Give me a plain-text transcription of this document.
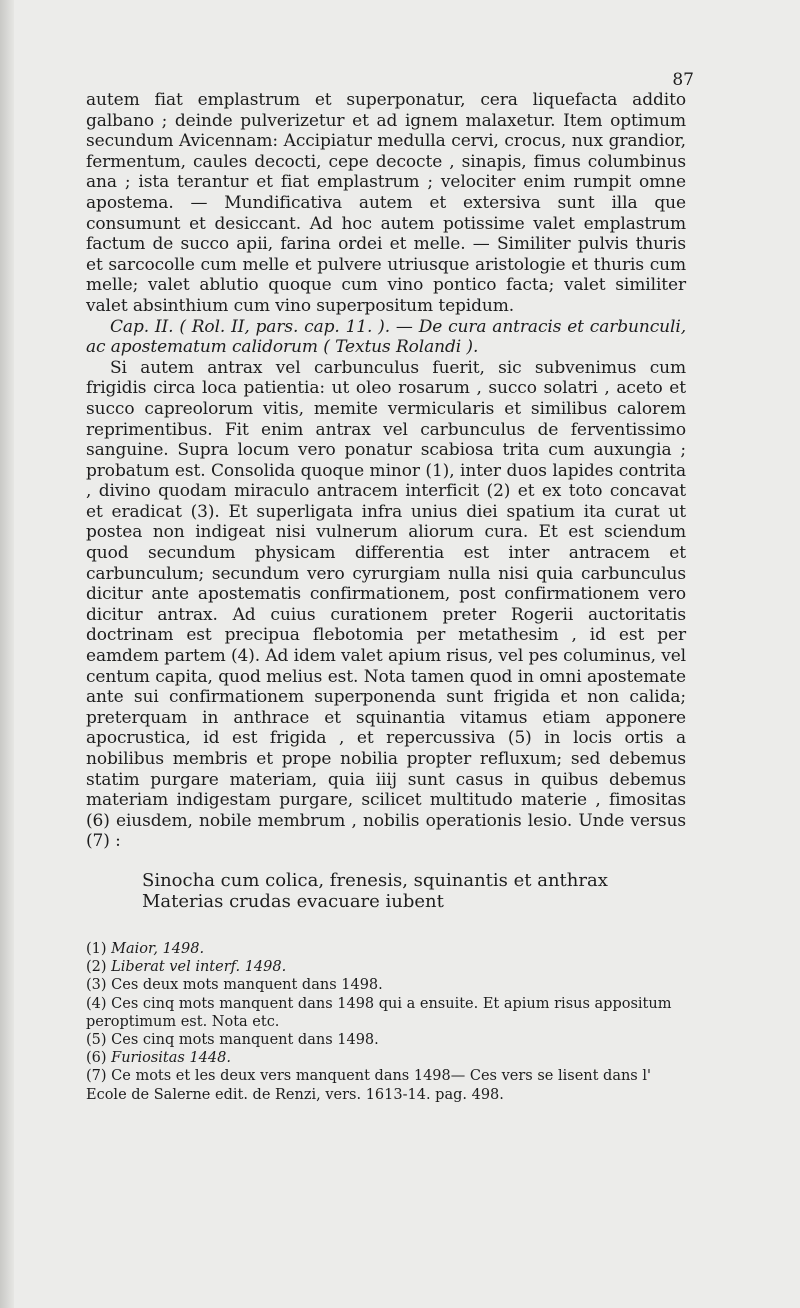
87

autem fiat emplastrum et superponatur, cera liquefacta addito galbano ; deinde pulverizetur et ad ignem malaxetur. Item optimum secundum Avicennam: Accipiatur medulla cervi, crocus, nux grandior, fermentum, caules decocti, cepe decocte , sinapis, fimus columbinus ana ; ista terantur et fiat emplastrum ; velociter enim rumpit omne apostema. — Mundificativa autem et extersiva sunt illa que consumunt et desiccant. Ad hoc autem potissime valet emplastrum factum de succo apii, farina ordei et melle. — Similiter pulvis thuris et sarcocolle cum melle et pulvere utriusque aristologie et thuris cum melle; valet ablutio quoque cum vino pontico facta; valet similiter valet absinthium cum vino superpositum tepidum.

Cap. II. ( Rol. II, pars. cap. 11. ). — De cura antracis et carbunculi, ac apostematum calidorum ( Textus Rolandi ).

Si autem antrax vel carbunculus fuerit, sic subvenimus cum frigidis circa loca patientia: ut oleo rosarum , succo solatri , aceto et succo capreolorum vitis, memite vermicularis et similibus calorem reprimentibus. Fit enim antrax vel carbunculus de ferventissimo sanguine. Supra locum vero ponatur scabiosa trita cum auxungia ; probatum est. Consolida quoque minor (1), inter duos lapides contrita , divino quodam miraculo antracem interficit (2) et ex toto concavat et eradicat (3). Et superligata infra unius diei spatium ita curat ut postea non indigeat nisi vulnerum aliorum cura. Et est sciendum quod secundum physicam differentia est inter antracem et carbunculum; secundum vero cyrurgiam nulla nisi quia carbunculus dicitur ante apostematis confirmationem, post confirmationem vero dicitur antrax. Ad cuius curationem preter Rogerii auctoritatis doctrinam est precipua flebotomia per metathesim , id est per eamdem partem (4). Ad idem valet apium risus, vel pes columinus, vel centum capita, quod melius est. Nota tamen quod in omni apostemate ante sui confirmationem superponenda sunt frigida et non calida; preterquam in anthrace et squinantia vitamus etiam apponere apocrustica, id est frigida , et repercussiva (5) in locis ortis a nobilibus membris et prope nobilia propter refluxum; sed debemus statim purgare materiam, quia iiij sunt casus in quibus debemus materiam indigestam purgare, scilicet multitudo materie , fimositas (6) eiusdem, nobile membrum , nobilis operationis lesio. Unde versus (7) :

Sinocha cum colica, frenesis, squinantis et anthrax
Materias crudas evacuare iubent
(1) Maior, 1498.
(2) Liberat vel interf. 1498.
(3) Ces deux mots manquent dans 1498.
(4) Ces cinq mots manquent dans 1498 qui a ensuite. Et apium risus appositum peroptimum est. Nota etc.
(5) Ces cinq mots manquent dans 1498.
(6) Furiositas 1448.
(7) Ce mots et les deux vers manquent dans 1498— Ces vers se lisent dans l' Ecole de Salerne edit. de Renzi, vers. 1613-14. pag. 498.
